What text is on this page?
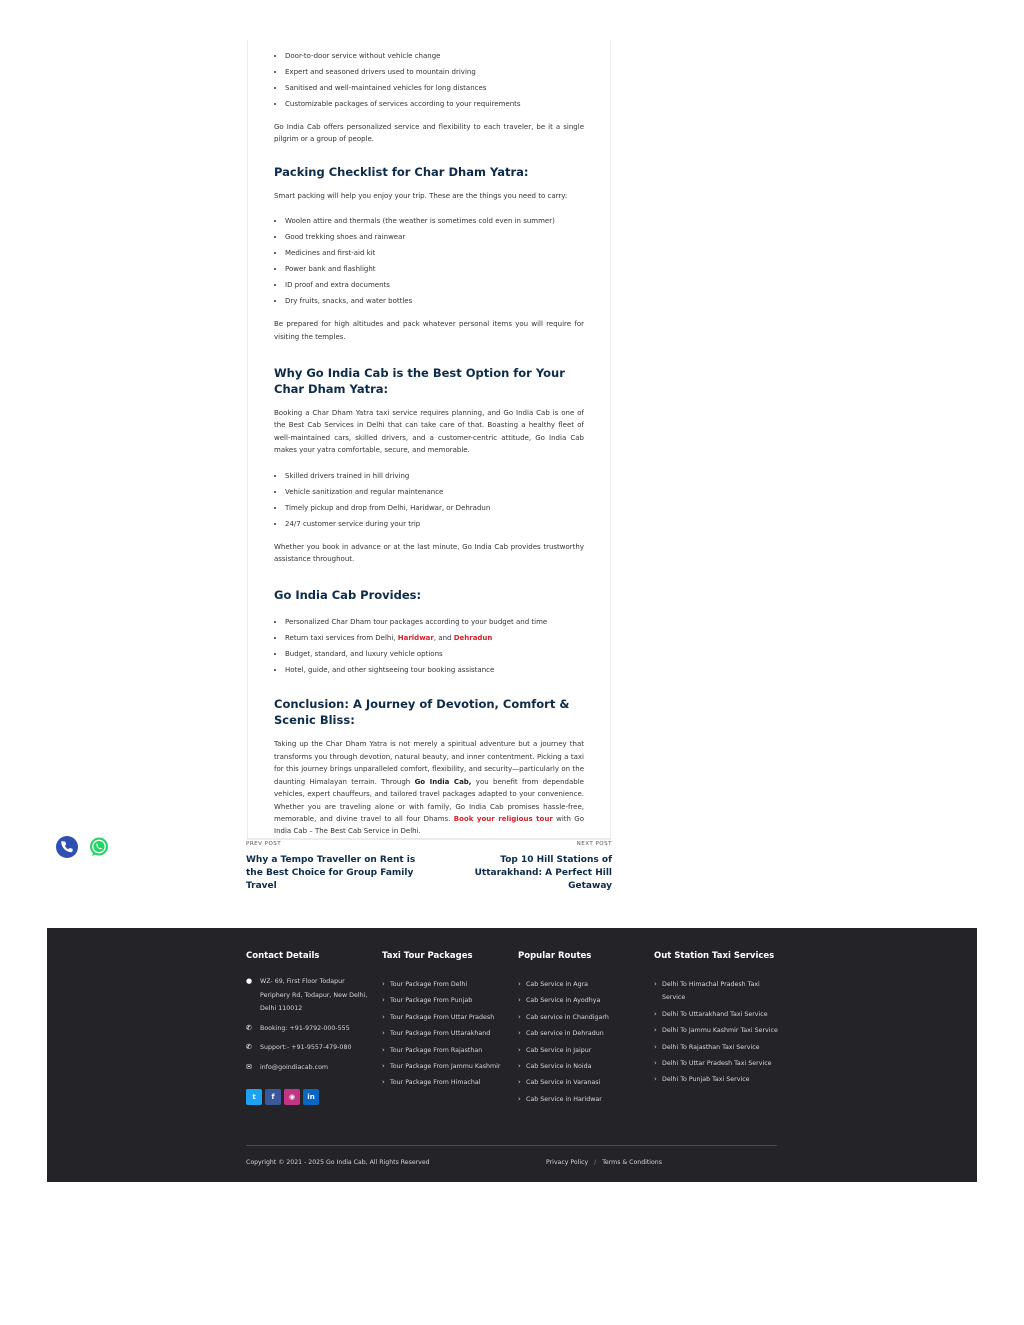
• Door-to-door service without vehicle change
• Expert and seasoned drivers used to mountain driving
• Sanitised and well-maintained vehicles for long distances
• Customizable packages of services according to your requirements

Go India Cab offers personalized service and flexibility to each traveler, be it a single pilgrim or a group of people.

Packing Checklist for Char Dham Yatra:

Smart packing will help you enjoy your trip. These are the things you need to carry:

• Woolen attire and thermals (the weather is sometimes cold even in summer)
• Good trekking shoes and rainwear
• Medicines and first-aid kit
• Power bank and flashlight
• ID proof and extra documents
• Dry fruits, snacks, and water bottles

Be prepared for high altitudes and pack whatever personal items you will require for visiting the temples.

Why Go India Cab is the Best Option for Your Char Dham Yatra:

Booking a Char Dham Yatra taxi service requires planning, and Go India Cab is one of the Best Cab Services in Delhi that can take care of that. Boasting a healthy fleet of well-maintained cars, skilled drivers, and a customer-centric attitude, Go India Cab makes your yatra comfortable, secure, and memorable.

• Skilled drivers trained in hill driving
• Vehicle sanitization and regular maintenance
• Timely pickup and drop from Delhi, Haridwar, or Dehradun
• 24/7 customer service during your trip

Whether you book in advance or at the last minute, Go India Cab provides trustworthy assistance throughout.

Go India Cab Provides:
• Personalized Char Dham tour packages according to your budget and time
• Return taxi services from Delhi, Haridwar, and Dehradun
• Budget, standard, and luxury vehicle options
• Hotel, guide, and other sightseeing tour booking assistance
Conclusion: A Journey of Devotion, Comfort & Scenic Bliss:

Taking up the Char Dham Yatra is not merely a spiritual adventure but a journey that transforms you through devotion, natural beauty, and inner contentment. Picking a taxi for this journey brings unparalleled comfort, flexibility, and security—particularly on the daunting Himalayan terrain. Through Go India Cab, you benefit from dependable vehicles, expert chauffeurs, and tailored travel packages adapted to your convenience. Whether you are traveling alone or with family, Go India Cab promises hassle-free, memorable, and divine travel to all four Dhams. Book your religious tour with Go India Cab – The Best Cab Service in Delhi.

PREV POST
Why a Tempo Traveller on Rent is the Best Choice for Group Family Travel
NEXT POST
Top 10 Hill Stations of Uttarakhand: A Perfect Hill Getaway
Contact Details
● WZ- 69, First Floor Todapur Periphery Rd, Todapur, New Delhi, Delhi 110012
✆ Booking: +91-9792-000-555
✆ Support:- +91-9557-479-080
✉ info@goindiacab.com
t	f	◉	in
Taxi Tour Packages
› Tour Package From Delhi
› Tour Package From Punjab
› Tour Package From Uttar Pradesh
› Tour Package From Uttarakhand
› Tour Package From Rajasthan
› Tour Package From Jammu Kashmir
› Tour Package From Himachal
Popular Routes
› Cab Service in Agra
› Cab Service in Ayodhya
› Cab service in Chandigarh
› Cab service in Dehradun
› Cab Service in Jaipur
› Cab Service in Noida
› Cab Service in Varanasi
› Cab Service in Haridwar
Out Station Taxi Services
› Delhi To Himachal Pradesh Taxi Service
› Delhi To Uttarakhand Taxi Service
› Delhi To Jammu Kashmir Taxi Service
› Delhi To Rajasthan Taxi Service
› Delhi To Uttar Pradesh Taxi Service
› Delhi To Punjab Taxi Service
Copyright © 2021 - 2025 Go India Cab, All Rights Reserved	Privacy Policy / Terms & Conditions
